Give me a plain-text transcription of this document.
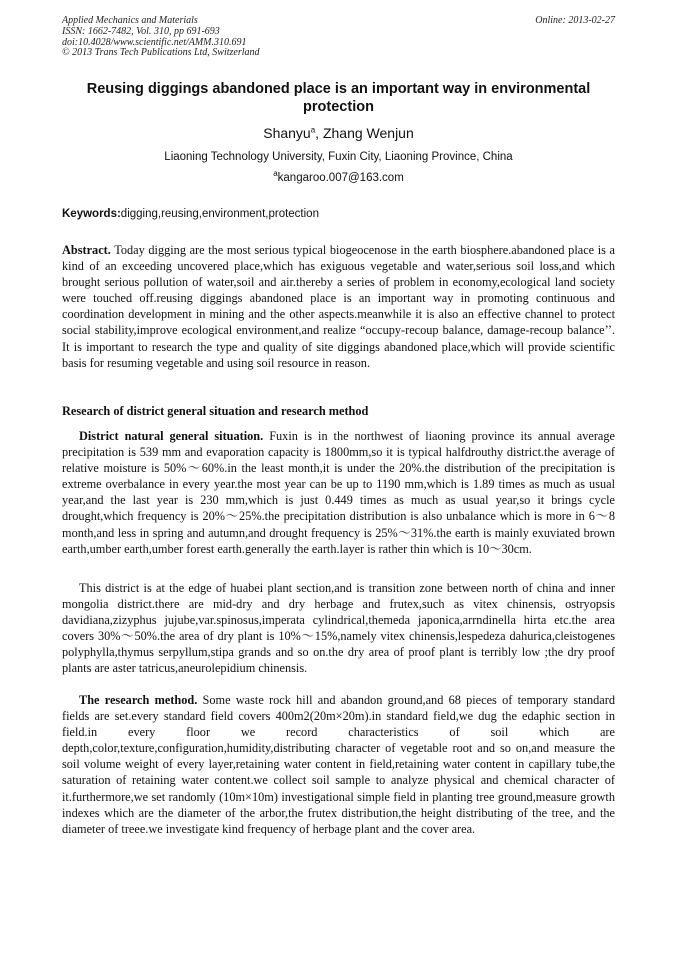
Applied Mechanics and Materials
ISSN: 1662-7482, Vol. 310, pp 691-693
doi:10.4028/www.scientific.net/AMM.310.691
© 2013 Trans Tech Publications Ltd, Switzerland
Online: 2013-02-27
Reusing diggings abandoned place is an important way in environmental protection
Shanyu$^a$, Zhang Wenjun
Liaoning Technology University, Fuxin City, Liaoning Province, China
$^a$kangaroo.007@163.com
Keywords:digging,reusing,environment,protection

Abstract. Today digging are the most serious typical biogeocenose in the earth biosphere.abandoned place is a kind of an exceeding uncovered place,which has exiguous vegetable and water,serious soil loss,and which brought serious pollution of water,soil and air.thereby a series of problem in economy,ecological land society were touched off.reusing diggings abandoned place is an important way in promoting continuous and coordination development in mining and the other aspects.meanwhile it is also an effective channel to protect social stability,improve ecological environment,and realize “occupy-recoup balance, damage-recoup balance’’. It is important to research the type and quality of site diggings abandoned place,which will provide scientific basis for resuming vegetable and using soil resource in reason.

Research of district general situation and research method

District natural general situation. Fuxin is in the northwest of liaoning province its annual average precipitation is 539 mm and evaporation capacity is 1800mm,so it is typical halfdrouthy district.the average of relative moisture is 50%～60%.in the least month,it is under the 20%.the distribution of the precipitation is extreme overbalance in every year.the most year can be up to 1190 mm,which is 1.89 times as much as usual year,and the last year is 230 mm,which is just 0.449 times as much as usual year,so it brings cycle drought,which frequency is 20%～25%.the precipitation distribution is also unbalance which is more in 6～8 month,and less in spring and autumn,and drought frequency is 25%～31%.the earth is mainly exuviated brown earth,umber earth,umber forest earth.generally the earth.layer is rather thin which is 10～30cm.

This district is at the edge of huabei plant section,and is transition zone between north of china and inner mongolia district.there are mid-dry and dry herbage and frutex,such as vitex chinensis, ostryopsis davidiana,zizyphus jujube,var.spinosus,imperata cylindrical,themeda japonica,arrndinella hirta etc.the area covers 30%～50%.the area of dry plant is 10%～15%,namely vitex chinensis,lespedeza dahurica,cleistogenes polyphylla,thymus serpyllum,stipa grands and so on.the dry area of proof plant is terribly low ;the dry proof plants are aster tatricus,aneurolepidium chinensis.

The research method. Some waste rock hill and abandon ground,and 68 pieces of temporary standard fields are set.every standard field covers 400m2(20m×20m).in standard field,we dug the edaphic section in field.in every floor we record characteristics of soil which are depth,color,texture,configuration,humidity,distributing character of vegetable root and so on,and measure the soil volume weight of every layer,retaining water content in field,retaining water content in capillary tube,the saturation of retaining water content.we collect soil sample to analyze physical and chemical character of it.furthermore,we set randomly (10m×10m) investigational simple field in planting tree ground,measure growth indexes which are the diameter of the arbor,the frutex distribution,the height distributing of the tree, and the diameter of treee.we investigate kind frequency of herbage plant and the cover area.
